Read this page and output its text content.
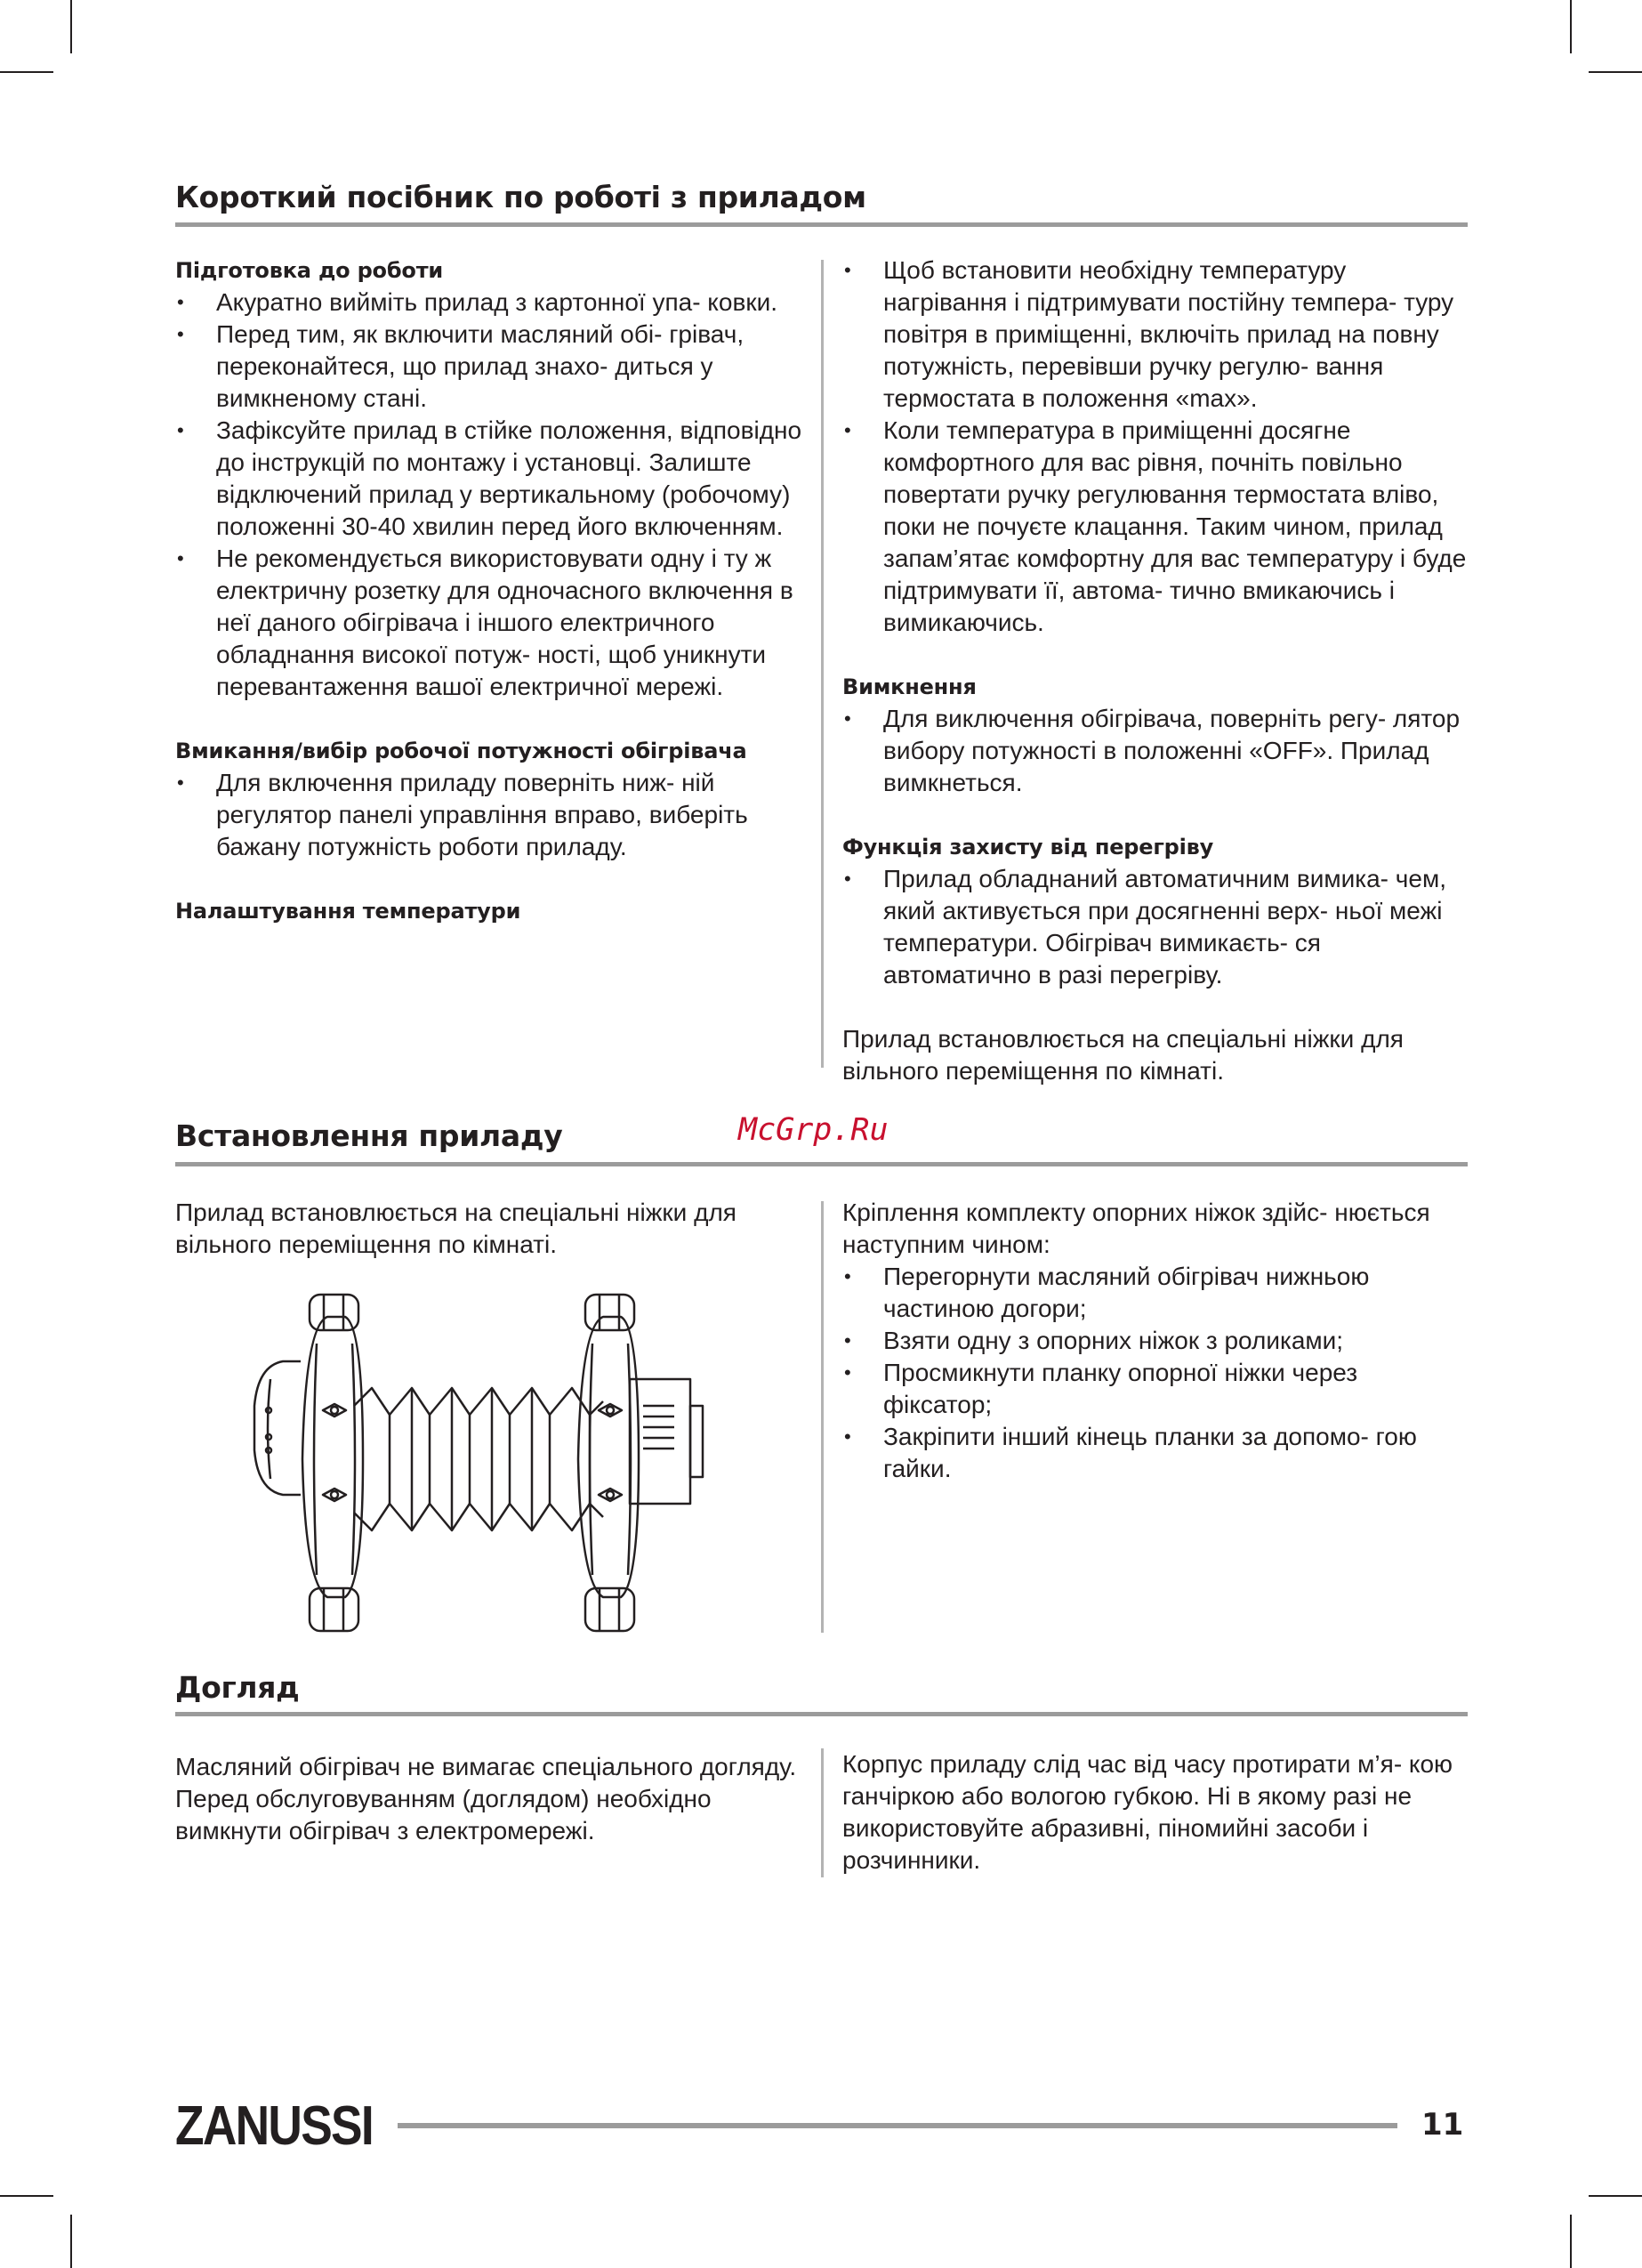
Короткий посібник по роботі з приладом
Підготовка до роботи
• Акуратно вийміть прилад з картонної упа- ковки.
• Перед тим, як включити масляний обі- грівач, переконайтеся, що прилад знахо- диться у вимкненому стані.
• Зафіксуйте прилад в стійке положення, відповідно до інструкцій по монтажу і установці. Залиште відключений прилад у вертикальному (робочому) положенні 30-40 хвилин перед його включенням.
• Не рекомендується використовувати одну і ту ж електричну розетку для одночасного включення в неї даного обігрівача і іншого електричного обладнання високої потуж- ності, щоб уникнути перевантаження вашої електричної мережі.
Вмикання/вибір робочої потужності обігрівача
• Для включення приладу поверніть ниж- ній регулятор панелі управління вправо, виберіть бажану потужність роботи приладу.
Налаштування температури
• Щоб встановити необхідну температуру нагрівання і підтримувати постійну темпера- туру повітря в приміщенні, включіть прилад на повну потужність, перевівши ручку регулю- вання термостата в положення «max».
• Коли температура в приміщенні досягне комфортного для вас рівня, почніть повільно повертати ручку регулювання термостата вліво, поки не почуєте клацання. Таким чином, прилад запам’ятає комфортну для вас температуру і буде підтримувати її, автома- тично вмикаючись і вимикаючись.
Вимкнення
• Для виключення обігрівача, поверніть регу- лятор вибору потужності в положенні «OFF». Прилад вимкнеться.
Функція захисту від перегріву
• Прилад обладнаний автоматичним вимика- чем, який активується при досягненні верх- ньої межі температури. Обігрівач вимикаєть- ся автоматично в разі перегріву.

Прилад встановлюється на спеціальні ніжки для вільного переміщення по кімнаті.

Встановлення приладу	McGrp.Ru

Прилад встановлюється на спеціальні ніжки для вільного переміщення по кімнаті.

Кріплення комплекту опорних ніжок здійс- нюється наступним чином:

• Перегорнути масляний обігрівач нижньою частиною догори;
• Взяти одну з опорних ніжок з роликами;
• Просмикнути планку опорної ніжки через фіксатор;
• Закріпити інший кінець планки за допомо- гою гайки.
Догляд

Масляний обігрівач не вимагає спеціального догляду.

Перед обслуговуванням (доглядом) необхідно вимкнути обігрівач з електромережі.

Корпус приладу слід час від часу протирати м’я- кою ганчіркою або вологою губкою. Ні в якому разі не використовуйте абразивні, піномийні засоби і розчинники.

ZANUSSI	11
